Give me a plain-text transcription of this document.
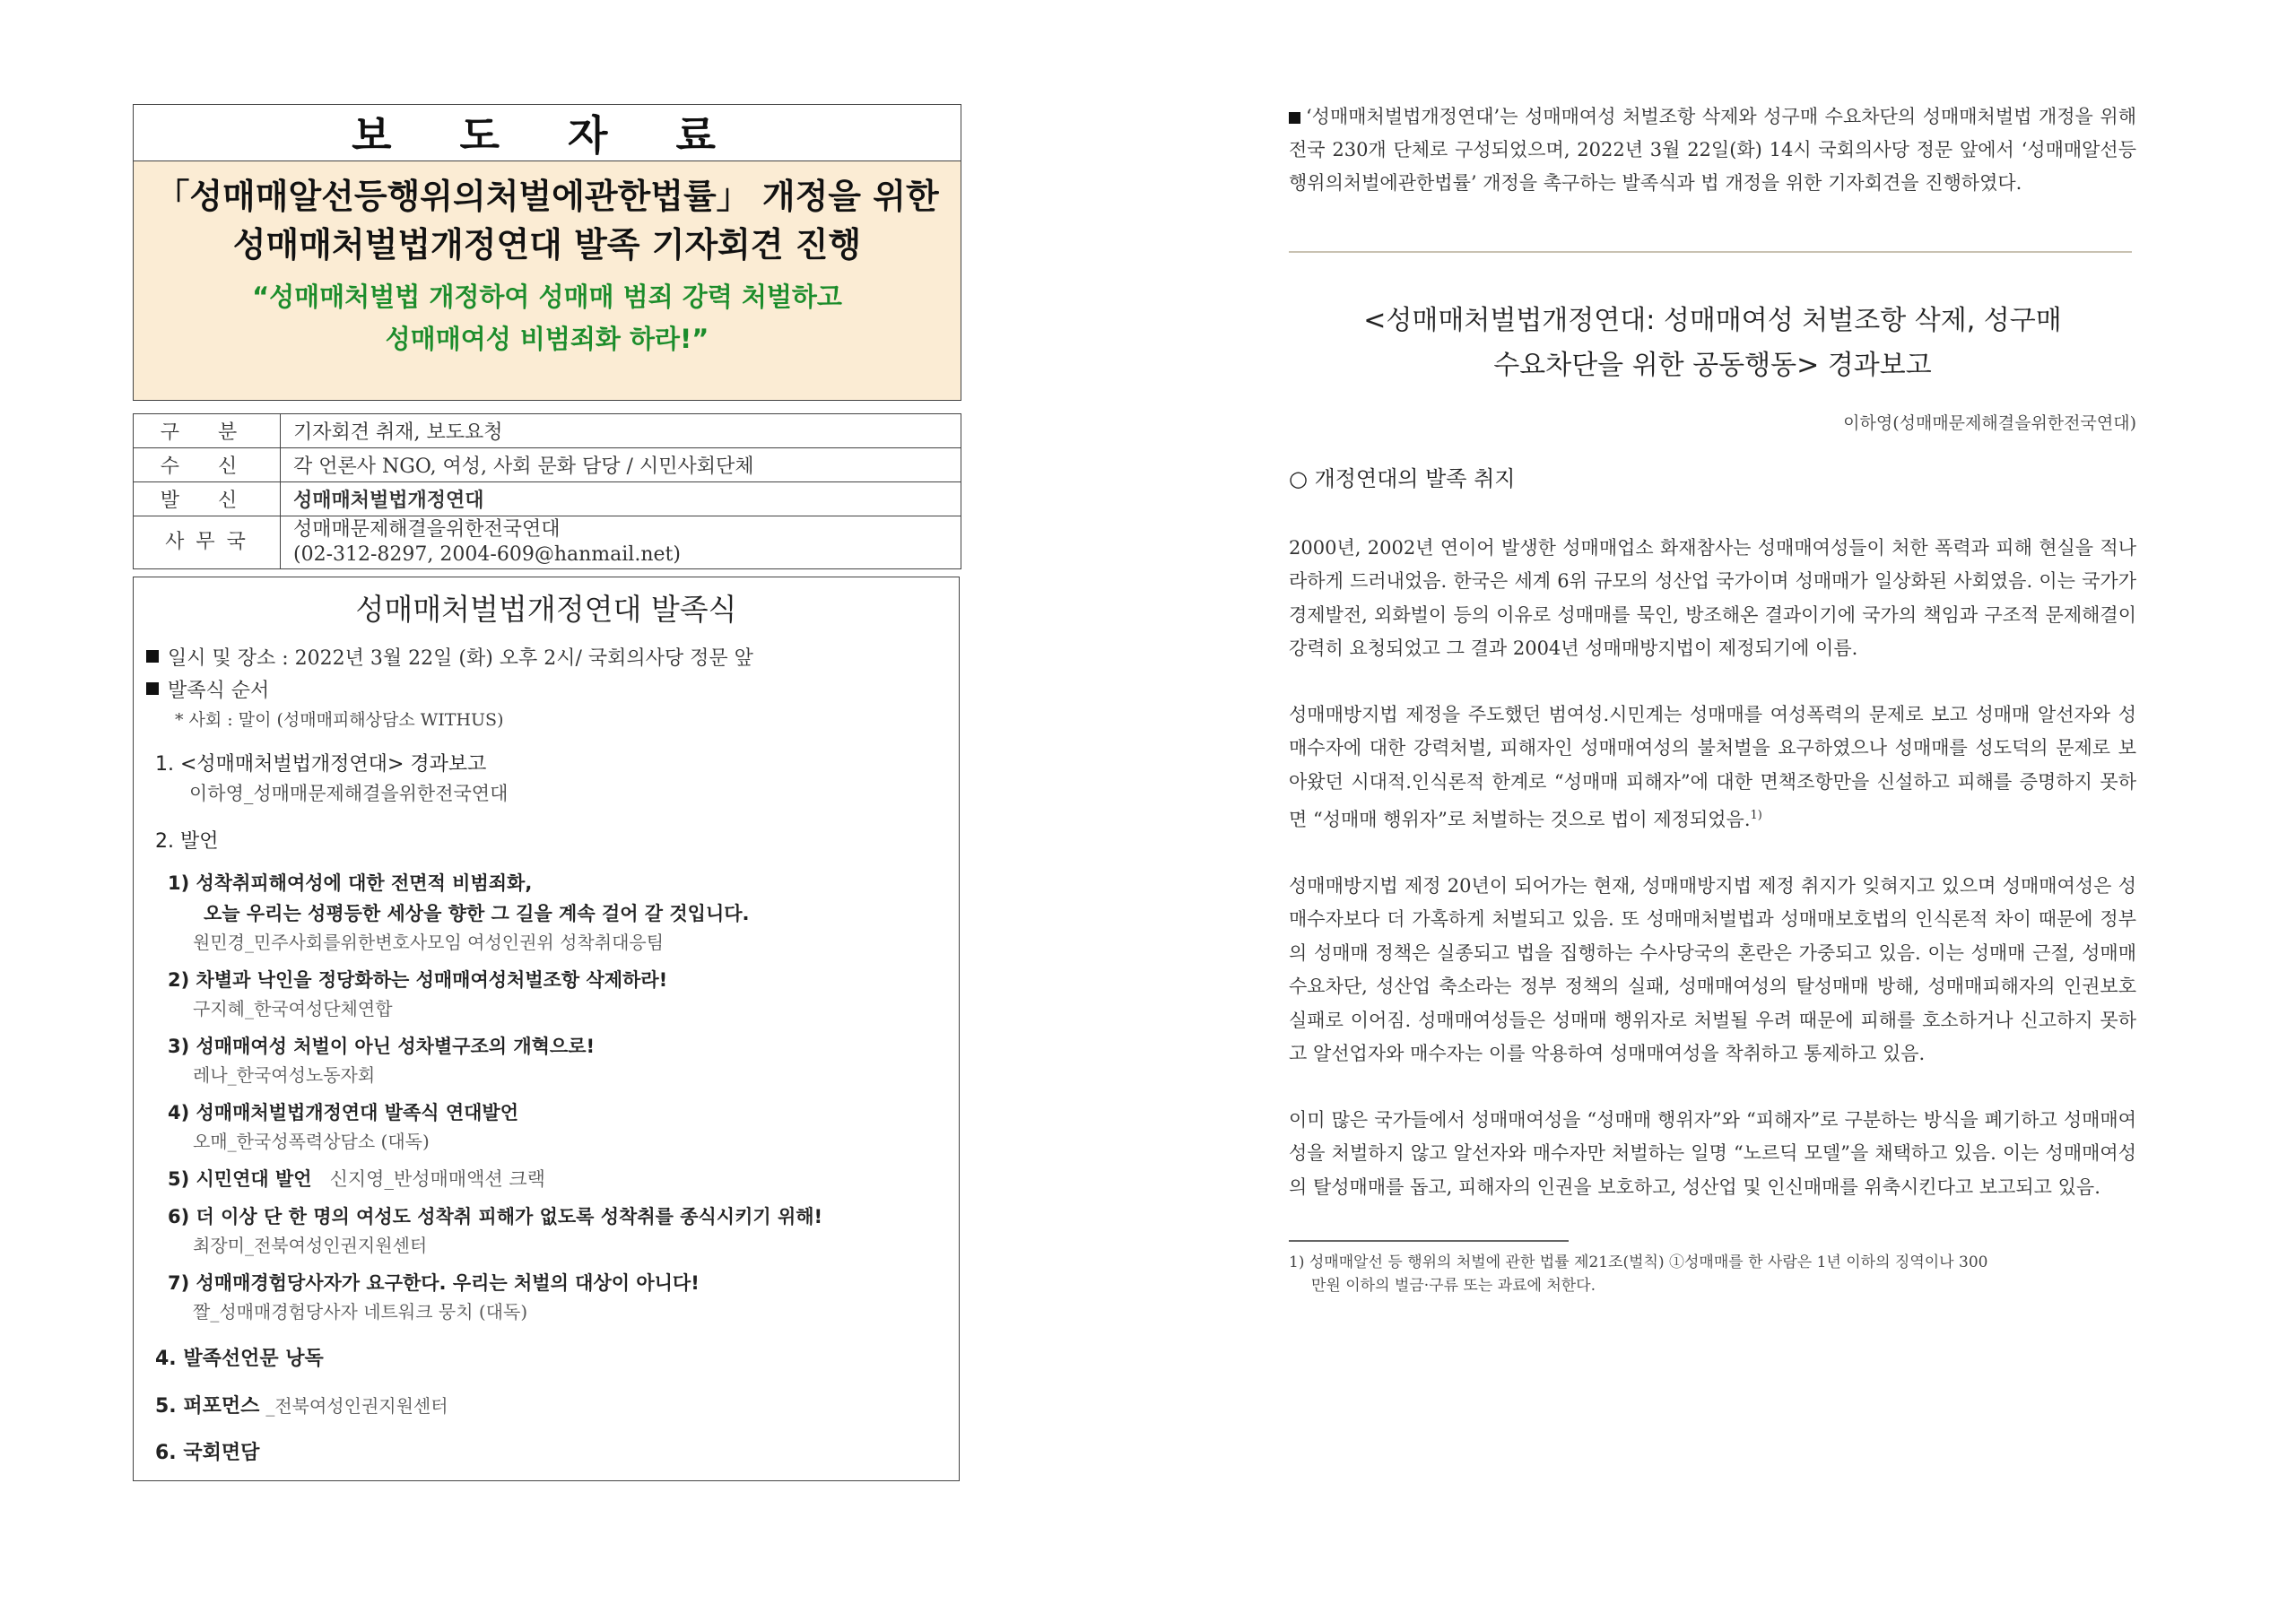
보 도 자 료
「성매매알선등행위의처벌에관한법률」 개정을 위한
성매매처벌법개정연대 발족 기자회견 진행
“성매매처벌법 개정하여 성매매 범죄 강력 처벌하고
성매매여성 비범죄화 하라!”
구 분	기자회견 취재, 보도요청
수 신	각 언론사 NGO, 여성, 사회 문화 담당 / 시민사회단체
발 신	성매매처벌법개정연대
사 무 국	성매매문제해결을위한전국연대
(02-312-8297, 2004-609@hanmail.net)
성매매처벌법개정연대 발족식
일시 및 장소 : 2022년 3월 22일 (화) 오후 2시/ 국회의사당 정문 앞
발족식 순서
* 사회 : 말이 (성매매피해상담소 WITHUS)
1. <성매매처벌법개정연대> 경과보고
이하영_성매매문제해결을위한전국연대
2. 발언
1) 성착취피해여성에 대한 전면적 비범죄화,
오늘 우리는 성평등한 세상을 향한 그 길을 계속 걸어 갈 것입니다.
원민경_민주사회를위한변호사모임 여성인권위 성착취대응팀
2) 차별과 낙인을 정당화하는 성매매여성처벌조항 삭제하라!
구지혜_한국여성단체연합
3) 성매매여성 처벌이 아닌 성차별구조의 개혁으로!
레나_한국여성노동자회
4) 성매매처벌법개정연대 발족식 연대발언
오매_한국성폭력상담소 (대독)
5) 시민연대 발언 신지영_반성매매액션 크랙
6) 더 이상 단 한 명의 여성도 성착취 피해가 없도록 성착취를 종식시키기 위해!
최장미_전북여성인권지원센터
7) 성매매경험당사자가 요구한다. 우리는 처벌의 대상이 아니다!
짤_성매매경험당사자 네트워크 뭉치 (대독)
4. 발족선언문 낭독
5. 퍼포먼스 _전북여성인권지원센터
6. 국회면담
‘성매매처벌법개정연대’는 성매매여성 처벌조항 삭제와 성구매 수요차단의 성매매처벌법 개정을 위해 전국 230개 단체로 구성되었으며, 2022년 3월 22일(화) 14시 국회의사당 정문 앞에서 ‘성매매알선등행위의처벌에관한법률’ 개정을 촉구하는 발족식과 법 개정을 위한 기자회견을 진행하였다.
<성매매처벌법개정연대: 성매매여성 처벌조항 삭제, 성구매
수요차단을 위한 공동행동> 경과보고
이하영(성매매문제해결을위한전국연대)
○ 개정연대의 발족 취지
2000년, 2002년 연이어 발생한 성매매업소 화재참사는 성매매여성들이 처한 폭력과 피해 현실을 적나라하게 드러내었음. 한국은 세계 6위 규모의 성산업 국가이며 성매매가 일상화된 사회였음. 이는 국가가 경제발전, 외화벌이 등의 이유로 성매매를 묵인, 방조해온 결과이기에 국가의 책임과 구조적 문제해결이 강력히 요청되었고 그 결과 2004년 성매매방지법이 제정되기에 이름.
성매매방지법 제정을 주도했던 범여성.시민계는 성매매를 여성폭력의 문제로 보고 성매매 알선자와 성매수자에 대한 강력처벌, 피해자인 성매매여성의 불처벌을 요구하였으나 성매매를 성도덕의 문제로 보아왔던 시대적.인식론적 한계로 “성매매 피해자”에 대한 면책조항만을 신설하고 피해를 증명하지 못하면 “성매매 행위자”로 처벌하는 것으로 법이 제정되었음.$^{1)}$
성매매방지법 제정 20년이 되어가는 현재, 성매매방지법 제정 취지가 잊혀지고 있으며 성매매여성은 성매수자보다 더 가혹하게 처벌되고 있음. 또 성매매처벌법과 성매매보호법의 인식론적 차이 때문에 정부의 성매매 정책은 실종되고 법을 집행하는 수사당국의 혼란은 가중되고 있음. 이는 성매매 근절, 성매매 수요차단, 성산업 축소라는 정부 정책의 실패, 성매매여성의 탈성매매 방해, 성매매피해자의 인권보호 실패로 이어짐. 성매매여성들은 성매매 행위자로 처벌될 우려 때문에 피해를 호소하거나 신고하지 못하고 알선업자와 매수자는 이를 악용하여 성매매여성을 착취하고 통제하고 있음.
이미 많은 국가들에서 성매매여성을 “성매매 행위자”와 “피해자”로 구분하는 방식을 폐기하고 성매매여성을 처벌하지 않고 알선자와 매수자만 처벌하는 일명 “노르딕 모델”을 채택하고 있음. 이는 성매매여성의 탈성매매를 돕고, 피해자의 인권을 보호하고, 성산업 및 인신매매를 위축시킨다고 보고되고 있음.
1) 성매매알선 등 행위의 처벌에 관한 법률 제21조(벌칙) ①성매매를 한 사람은 1년 이하의 징역이나 300
만원 이하의 벌금·구류 또는 과료에 처한다.
